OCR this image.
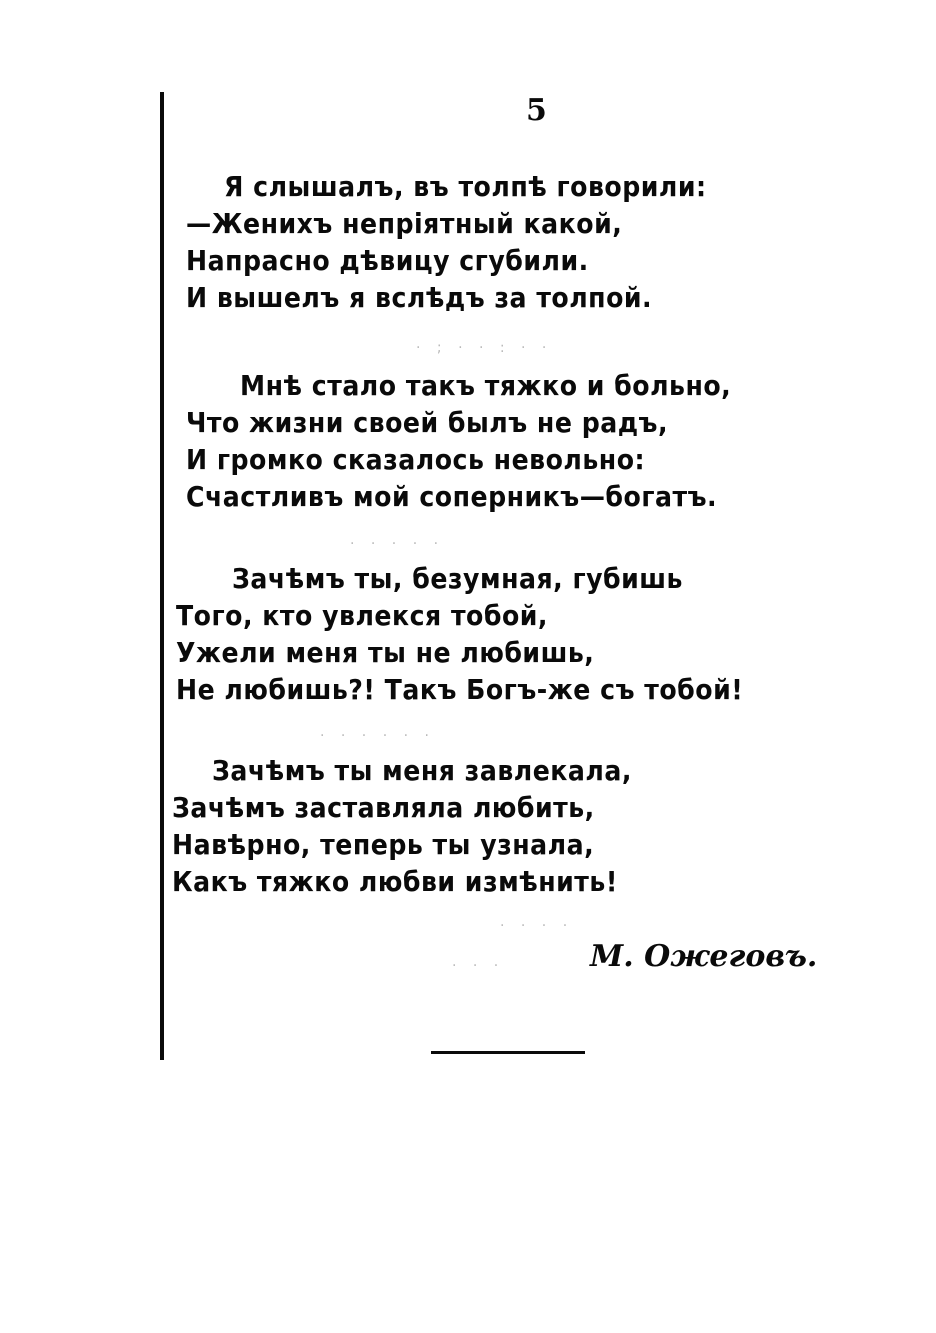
5
Я слышалъ, въ толпѣ говорили:
—Женихъ непріятный какой,
Напрасно дѣвицу сгубили.
И вышелъ я вслѣдъ за толпой.
· ; · · : · ·
Мнѣ стало такъ тяжко и больно,
Что жизни своей былъ не радъ,
И громко сказалось невольно:
Счастливъ мой соперникъ—богатъ.
· · · · ·
Зачѣмъ ты, безумная, губишь
Того, кто увлекся тобой,
Ужели меня ты не любишь,
Не любишь?! Такъ Богъ-же съ тобой!
· · · · · ·
Зачѣмъ ты меня завлекала,
Зачѣмъ заставляла любить,
Навѣрно, теперь ты узнала,
Какъ тяжко любви измѣнить!
· · · ·
· · ·	М. Ожеговъ.
